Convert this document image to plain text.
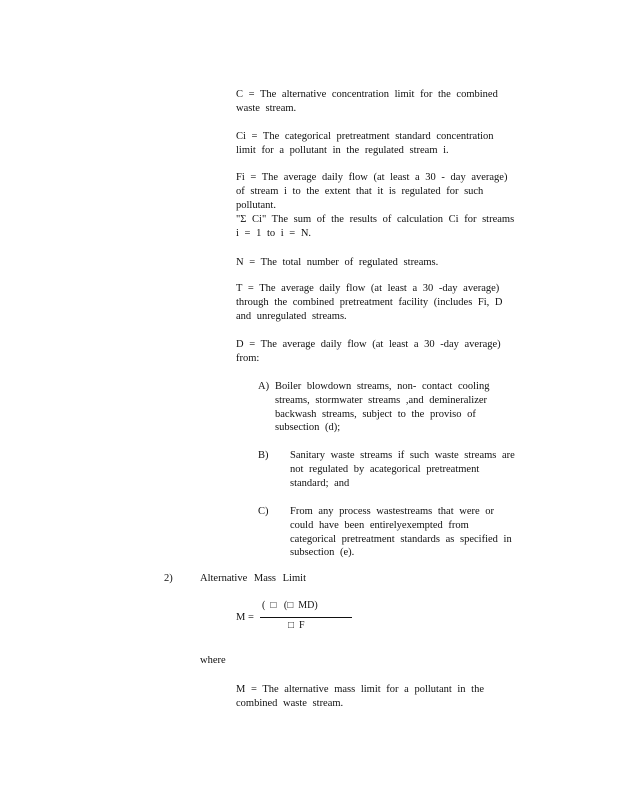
C = The alternative concentration limit for the combined waste stream.
Ci = The categorical pretreatment standard concentration limit for a pollutant in the regulated stream i.
Fi = The average daily flow (at least a 30 - day average) of stream i to the extent that it is regulated for such pollutant.
"Σ Ci" The sum of the results of calculation Ci for streams i = 1 to i = N.
N = The total number of regulated streams.
T = The average daily flow (at least a 30 -day average) through the combined pretreatment facility (includes Fi, D and unregulated streams.
D = The average daily flow (at least a 30 -day average) from:
A) Boiler blowdown streams, non- contact cooling streams, stormwater streams ,and demineralizer backwash streams, subject to the proviso of subsection (d);
B) Sanitary waste streams if such waste streams are not regulated by acategorical pretreatment standard; and
C) From any process wastestreams that were or could have been entirelyexempted from categorical pretreatment standards as specified in subsection (e).
2)	Alternative Mass Limit
M =
(  □   (□  MD)
□  F
where
M = The alternative mass limit for a pollutant in the combined waste stream.
